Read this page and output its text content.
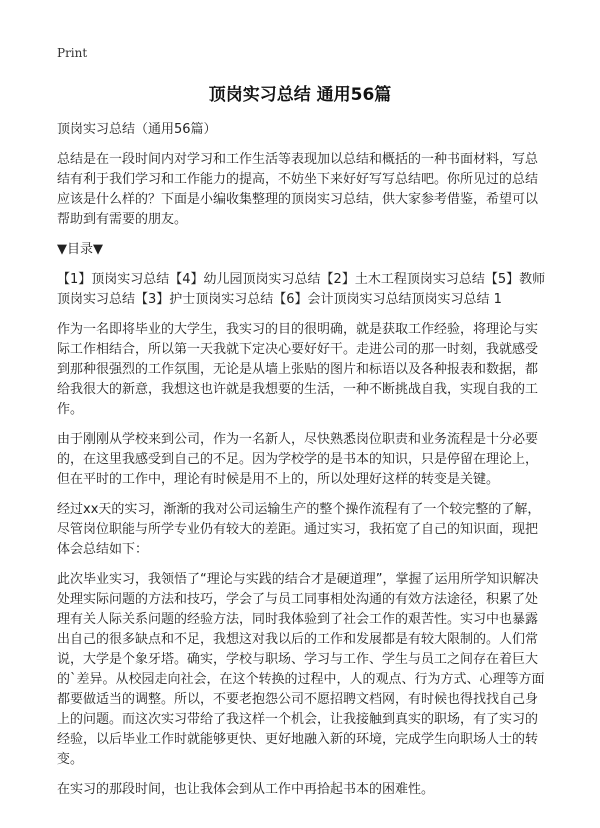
Print
顶岗实习总结 通用56篇

顶岗实习总结（通用56篇）

总结是在一段时间内对学习和工作生活等表现加以总结和概括的一种书面材料，写总结有利于我们学习和工作能力的提高，不妨坐下来好好写写总结吧。你所见过的总结应该是什么样的？下面是小编收集整理的顶岗实习总结，供大家参考借鉴，希望可以帮助到有需要的朋友。

▼目录▼

【1】顶岗实习总结【4】幼儿园顶岗实习总结【2】土木工程顶岗实习总结【5】教师顶岗实习总结【3】护士顶岗实习总结【6】会计顶岗实习总结顶岗实习总结 1

作为一名即将毕业的大学生，我实习的目的很明确，就是获取工作经验，将理论与实际工作相结合，所以第一天我就下定决心要好好干。走进公司的那一时刻，我就感受到那种很强烈的工作氛围，无论是从墙上张贴的图片和标语以及各种报表和数据，都给我很大的新意，我想这也许就是我想要的生活，一种不断挑战自我，实现自我的工作。

由于刚刚从学校来到公司，作为一名新人，尽快熟悉岗位职责和业务流程是十分必要的，在这里我感受到自己的不足。因为学校学的是书本的知识，只是停留在理论上，但在平时的工作中，理论有时候是用不上的，所以处理好这样的转变是关键。

经过xx天的实习，渐渐的我对公司运输生产的整个操作流程有了一个较完整的了解，尽管岗位职能与所学专业仍有较大的差距。通过实习，我拓宽了自己的知识面，现把体会总结如下：

此次毕业实习，我领悟了“理论与实践的结合才是硬道理”，掌握了运用所学知识解决处理实际问题的方法和技巧，学会了与员工同事相处沟通的有效方法途径，积累了处理有关人际关系问题的经验方法，同时我体验到了社会工作的艰苦性。实习中也暴露出自己的很多缺点和不足，我想这对我以后的工作和发展都是有较大限制的。人们常说，大学是个象牙塔。确实，学校与职场、学习与工作、学生与员工之间存在着巨大的`差异。从校园走向社会，在这个转换的过程中，人的观点、行为方式、心理等方面都要做适当的调整。所以，不要老抱怨公司不愿招聘文档网，有时候也得找找自己身上的问题。而这次实习带给了我这样一个机会，让我接触到真实的职场，有了实习的经验，以后毕业工作时就能够更快、更好地融入新的环境，完成学生向职场人士的转变。

在实习的那段时间，也让我体会到从工作中再拾起书本的困难性。
